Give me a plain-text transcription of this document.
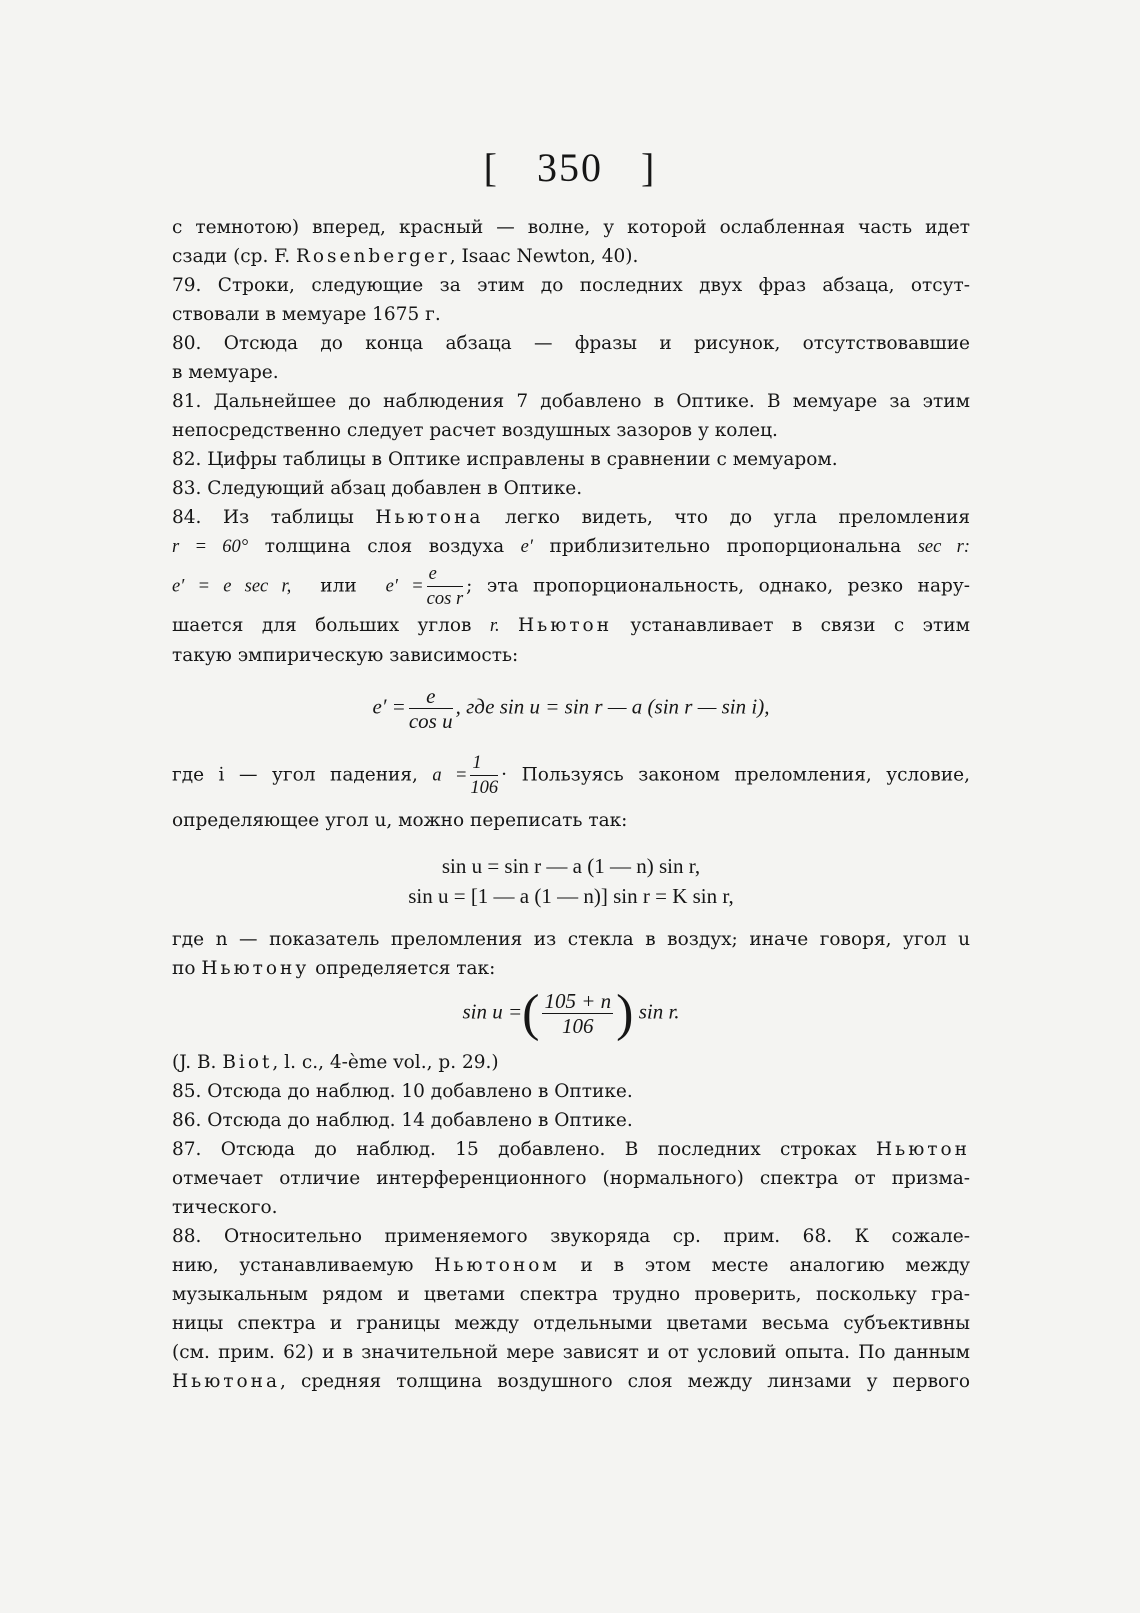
[ 350 ]
с темнотою) вперед, красный — волне, у которой ослабленная часть идет
сзади (ср. F. Rosenberger, Isaac Newton, 40).
79. Строки, следующие за этим до последних двух фраз абзаца, отсут-
ствовали в мемуаре 1675 г.
80. Отсюда до конца абзаца — фразы и рисунок, отсутствовавшие
в мемуаре.
81. Дальнейшее до наблюдения 7 добавлено в Оптике. В мемуаре за этим
непосредственно следует расчет воздушных зазоров у колец.
82. Цифры таблицы в Оптике исправлены в сравнении с мемуаром.
83. Следующий абзац добавлен в Оптике.
84. Из таблицы Ньютона легко видеть, что до угла преломления
r = 60° толщина слоя воздуха e′ приблизительно пропорциональна sec r:
e′ = e sec r, или $e' = \frac{e}{\text{cos r}}$ ; эта пропорциональность, однако, резко нару-
шается для больших углов r. Ньютон устанавливает в связи с этим
такую эмпирическую зависимость:
$e' = \frac{e}{\text{cos u}}$ , где sin u = sin r — a (sin r — sin i),
где i — угол падения, $a = \frac{1}{106}$ · Пользуясь законом преломления, условие,
определяющее угол u, можно переписать так:
sin u = sin r — a (1 — n) sin r,
sin u = [1 — a (1 — n)] sin r = K sin r,
где n — показатель преломления из стекла в воздух; иначе говоря, угол u
по Ньютону определяется так:
sin u =( $\frac{105 + n}{106}$ ) sin r.
(J. B. Biot, l. c., 4-ème vol., p. 29.)
85. Отсюда до наблюд. 10 добавлено в Оптике.
86. Отсюда до наблюд. 14 добавлено в Оптике.
87. Отсюда до наблюд. 15 добавлено. В последних строках Ньютон
отмечает отличие интерференционного (нормального) спектра от призма-
тического.
88. Относительно применяемого звукоряда ср. прим. 68. К сожале-
нию, устанавливаемую Ньютоном и в этом месте аналогию между
музыкальным рядом и цветами спектра трудно проверить, поскольку гра-
ницы спектра и границы между отдельными цветами весьма субъективны
(см. прим. 62) и в значительной мере зависят и от условий опыта. По данным
Ньютона, средняя толщина воздушного слоя между линзами у первого
